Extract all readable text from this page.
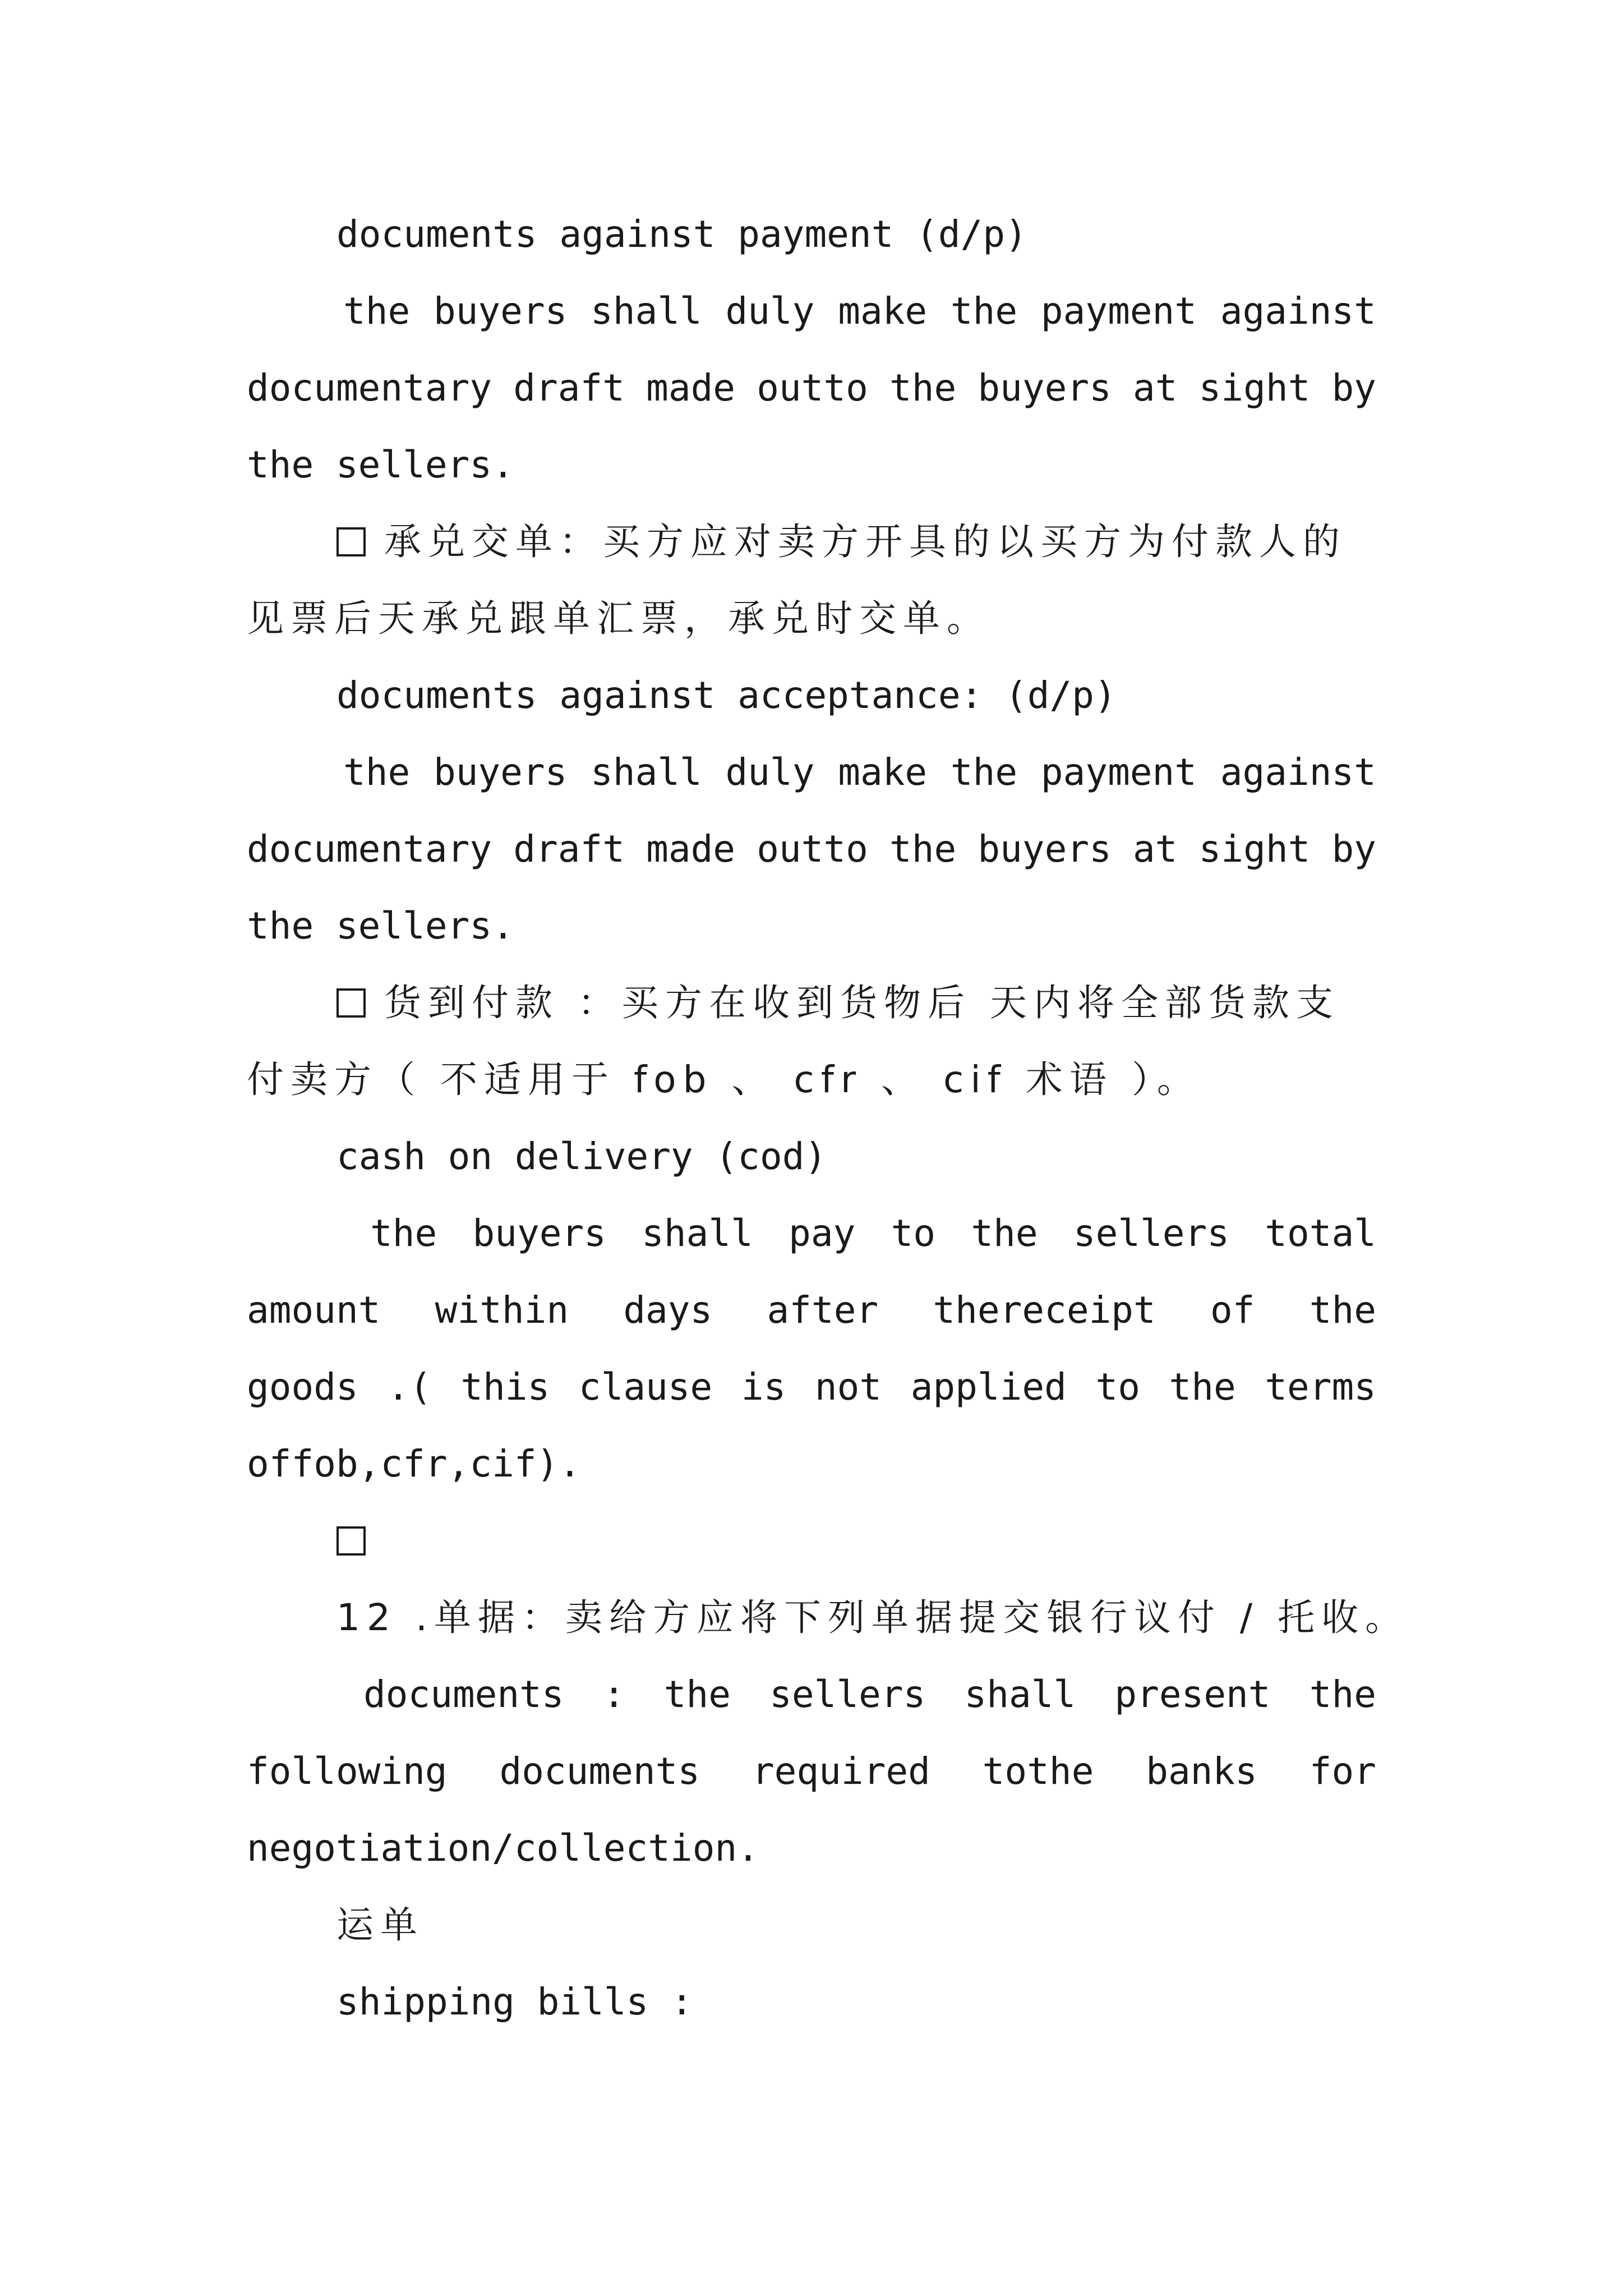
documents against payment (d/p)

the buyers shall duly make the payment against
documentary draft made outto the buyers at sight by

the sellers.

承兑交单：买方应对卖方开具的以买方为付款人的

见票后天承兑跟单汇票，承兑时交单。

documents against acceptance: (d/p)

the buyers shall duly make the payment against
documentary draft made outto the buyers at sight by

the sellers.

货到付款 ：买方在收到货物后 天内将全部货款支

付卖方（ 不适用于 fob 、 cfr 、 cif 术语 ）。

cash on delivery (cod)

the buyers shall pay to the sellers total
amount within days after thereceipt of the
goods .( this clause is not applied to the terms

offob,cfr,cif).

12 .单据：卖给方应将下列单据提交银行议付 / 托收。

documents : the sellers shall present the
following documents required tothe banks for

negotiation/collection.

运单

shipping bills :
